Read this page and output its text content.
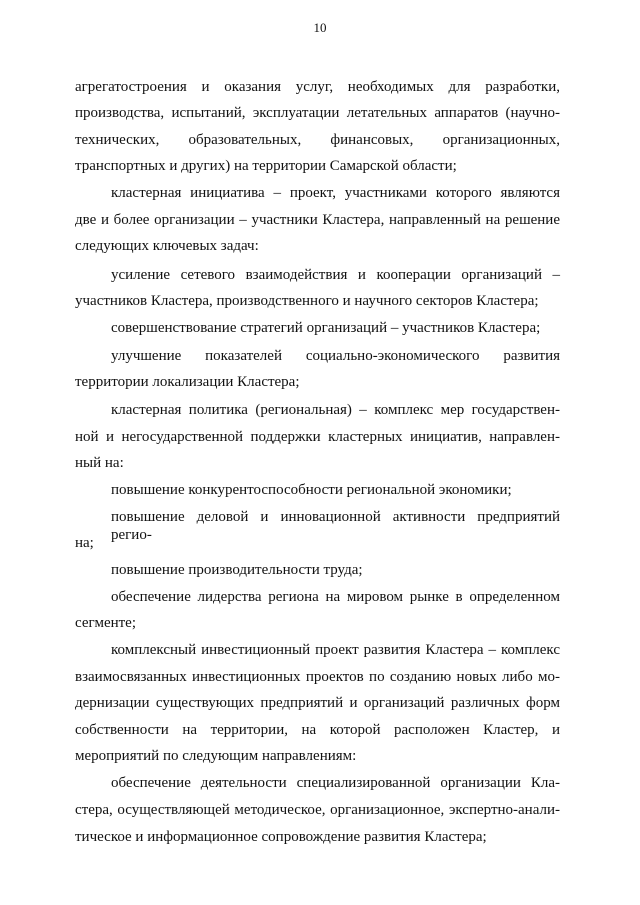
10
агрегатостроения и оказания услуг, необходимых для разработки,
производства, испытаний, эксплуатации летательных аппаратов (научно-
технических, образовательных, финансовых, организационных,
транспортных и других) на территории Самарской области;
кластерная инициатива – проект, участниками которого являются
две и более организации – участники Кластера, направленный на решение
следующих ключевых задач:
усиление сетевого взаимодействия и кооперации организаций –
участников Кластера, производственного и научного секторов Кластера;
совершенствование стратегий организаций – участников Кластера;
улучшение показателей социально-экономического развития
территории локализации Кластера;
кластерная политика (региональная) – комплекс мер государствен-
ной и негосударственной поддержки кластерных инициатив, направлен-
ный на:
повышение конкурентоспособности региональной экономики;
повышение деловой и инновационной активности предприятий регио-
на;
повышение производительности труда;
обеспечение лидерства региона на мировом рынке в определенном
сегменте;
комплексный инвестиционный проект развития Кластера – комплекс
взаимосвязанных инвестиционных проектов по созданию новых либо мо-
дернизации существующих предприятий и организаций различных форм
собственности на территории, на которой расположен Кластер, и
мероприятий по следующим направлениям:
обеспечение деятельности специализированной организации Кла-
стера, осуществляющей методическое, организационное, экспертно-анали-
тическое и информационное сопровождение развития Кластера;
